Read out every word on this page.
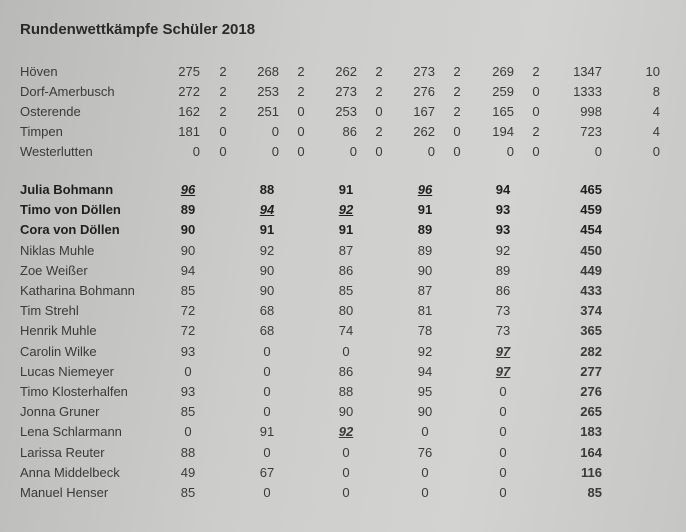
Rundenwettkämpfe Schüler 2018
Höven	275 2	268 2	262 2	273 2	269 2	1347	10
Dorf-Amerbusch	272 2	253 2	273 2	276 2	259 0	1333	8
Osterende	162 2	251 0	253 0	167 2	165 0	998	4
Timpen	181 0	0 0	86 2	262 0	194 2	723	4
Westerlutten	0 0	0 0	0 0	0 0	0 0	0	0
Julia Bohmann	96	88	91	96	94	465
Timo von Döllen	89	94	92	91	93	459
Cora von Döllen	90	91	91	89	93	454
Niklas Muhle	90	92	87	89	92	450
Zoe Weißer	94	90	86	90	89	449
Katharina Bohmann	85	90	85	87	86	433
Tim Strehl	72	68	80	81	73	374
Henrik Muhle	72	68	74	78	73	365
Carolin Wilke	93	0	0	92	97	282
Lucas Niemeyer	0	0	86	94	97	277
Timo Klosterhalfen	93	0	88	95	0	276
Jonna Gruner	85	0	90	90	0	265
Lena Schlarmann	0	91	92	0	0	183
Larissa Reuter	88	0	0	76	0	164
Anna Middelbeck	49	67	0	0	0	116
Manuel Henser	85	0	0	0	0	85
